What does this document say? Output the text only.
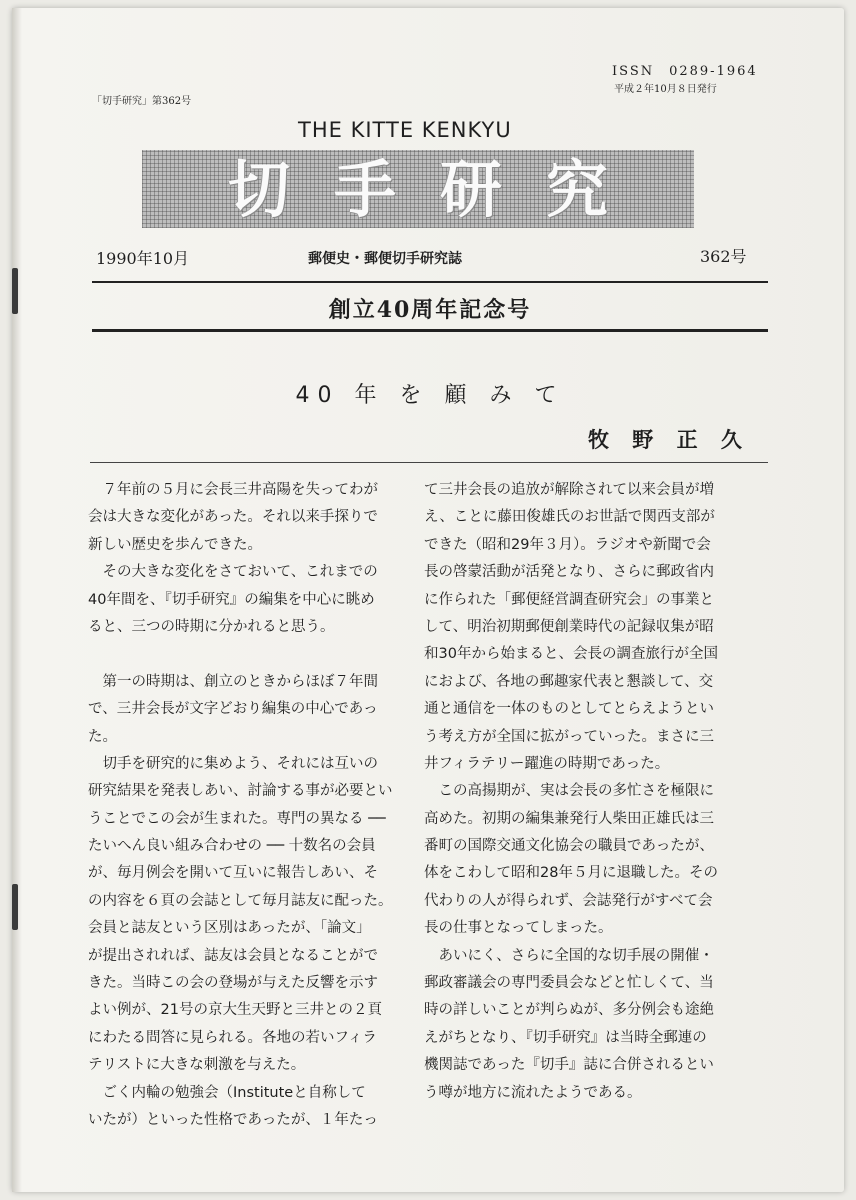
「切手研究」第362号
ISSN　0289-1964
平成２年10月８日発行
THE KITTE KENKYU
切手研究
1990年10月	郵便史・郵便切手研究誌	362号
創立40周年記念号
40 年 を 顧 み て
牧 野 正 久
　７年前の５月に会長三井高陽を失ってわが
会は大きな変化があった。それ以来手探りで
新しい歴史を歩んできた。
　その大きな変化をさておいて、これまでの
40年間を、『切手研究』の編集を中心に眺め
ると、三つの時期に分かれると思う。
　第一の時期は、創立のときからほぼ７年間
で、三井会長が文字どおり編集の中心であっ
た。
　切手を研究的に集めよう、それには互いの
研究結果を発表しあい、討論する事が必要とい
うことでこの会が生まれた。専門の異なる ──
たいへん良い組み合わせの ── 十数名の会員
が、毎月例会を開いて互いに報告しあい、そ
の内容を６頁の会誌として毎月誌友に配った。
会員と誌友という区別はあったが、「論文」
が提出されれば、誌友は会員となることがで
きた。当時この会の登場が与えた反響を示す
よい例が、21号の京大生天野と三井との２頁
にわたる問答に見られる。各地の若いフィラ
テリストに大きな刺激を与えた。
　ごく内輪の勉強会（Instituteと自称して
いたが）といった性格であったが、１年たっ
て三井会長の追放が解除されて以来会員が増
え、ことに藤田俊雄氏のお世話で関西支部が
できた（昭和29年３月）。ラジオや新聞で会
長の啓蒙活動が活発となり、さらに郵政省内
に作られた「郵便経営調査研究会」の事業と
して、明治初期郵便創業時代の記録収集が昭
和30年から始まると、会長の調査旅行が全国
におよび、各地の郵趣家代表と懇談して、交
通と通信を一体のものとしてとらえようとい
う考え方が全国に拡がっていった。まさに三
井フィラテリー躍進の時期であった。
　この高揚期が、実は会長の多忙さを極限に
高めた。初期の編集兼発行人柴田正雄氏は三
番町の国際交通文化協会の職員であったが、
体をこわして昭和28年５月に退職した。その
代わりの人が得られず、会誌発行がすべて会
長の仕事となってしまった。
　あいにく、さらに全国的な切手展の開催・
郵政審議会の専門委員会などと忙しくて、当
時の詳しいことが判らぬが、多分例会も途絶
えがちとなり、『切手研究』は当時全郵連の
機関誌であった『切手』誌に合併されるとい
う噂が地方に流れたようである。
